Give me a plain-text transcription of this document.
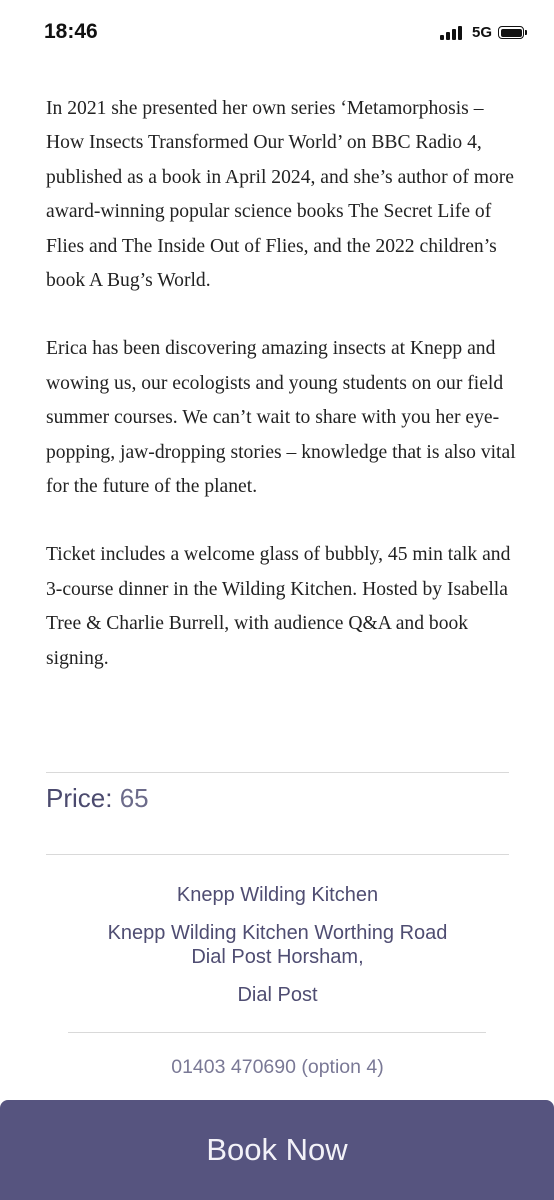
18:46	5G

In 2021 she presented her own series ‘Metamorphosis – How Insects Transformed Our World’ on BBC Radio 4, published as a book in April 2024, and she’s author of more award-winning popular science books The Secret Life of Flies and The Inside Out of Flies, and the 2022 children’s book A Bug’s World.

Erica has been discovering amazing insects at Knepp and wowing us, our ecologists and young students on our field summer courses. We can’t wait to share with you her eye-popping, jaw-dropping stories – knowledge that is also vital for the future of the planet.

Ticket includes a welcome glass of bubbly, 45 min talk and 3-course dinner in the Wilding Kitchen. Hosted by Isabella Tree & Charlie Burrell, with audience Q&A and book signing.

Price: 65
Knepp Wilding Kitchen
Knepp Wilding Kitchen Worthing Road Dial Post Horsham,
Dial Post
01403 470690 (option 4)
Book Now
